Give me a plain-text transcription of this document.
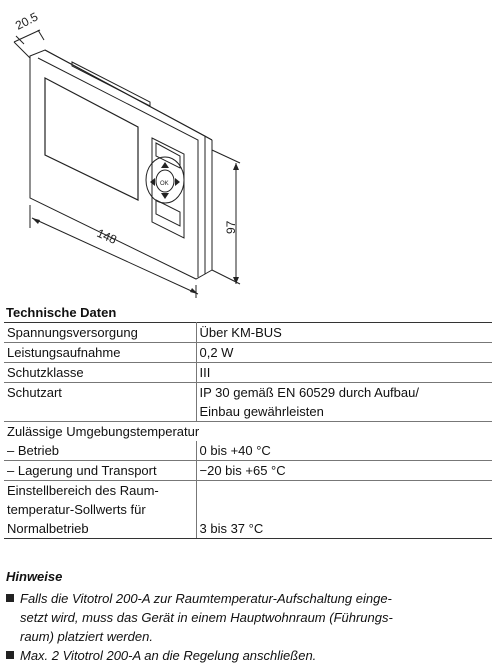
20.5
148	97
OK
Technische Daten
Spannungsversorgung	Über KM-BUS
Leistungsaufnahme	0,2 W
Schutzklasse	III
Schutzart	IP 30 gemäß EN 60529 durch Aufbau/
Einbau gewährleisten

Zulässige Umgebungstemperatur	
– Betrieb	0 bis +40 °C
– Lagerung und Transport	−20 bis +65 °C

Einstellbereich des Raum-
temperatur-Sollwerts für
Normalbetrieb	3 bis 37 °C
Hinweise
Falls die Vitotrol 200-A zur Raumtemperatur-Aufschaltung einge-
setzt wird, muss das Gerät in einem Hauptwohnraum (Führungs-
raum) platziert werden.
Max. 2 Vitotrol 200-A an die Regelung anschließen.
